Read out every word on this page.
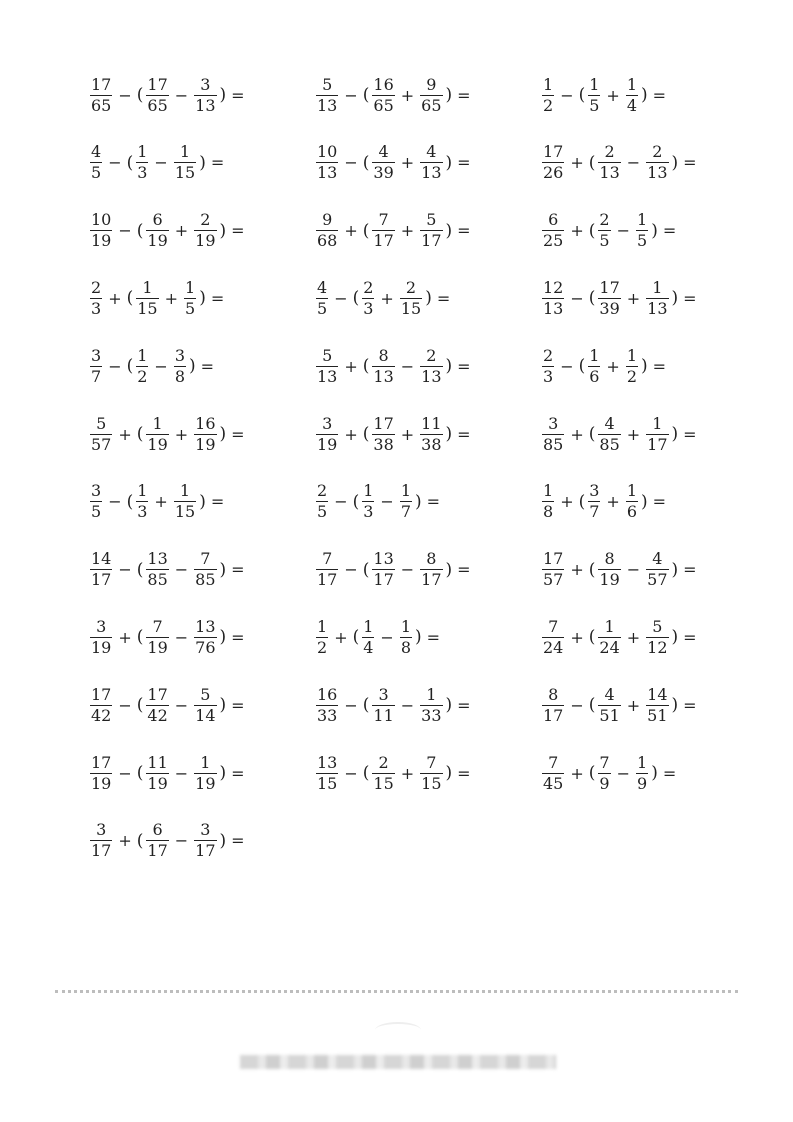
$\frac{17}{65}$ − ( $\frac{17}{65} - \frac{3}{13}$ ) =	$\frac{5}{13}$ − ( $\frac{16}{65} + \frac{9}{65}$ ) =	$\frac{1}{2}$ − ( $\frac{1}{5} + \frac{1}{4}$ ) =
$\frac{4}{5}$ − ( $\frac{1}{3} - \frac{1}{15}$ ) =	$\frac{10}{13}$ − ( $\frac{4}{39} + \frac{4}{13}$ ) =	$\frac{17}{26}$ + ( $\frac{2}{13} - \frac{2}{13}$ ) =
$\frac{10}{19}$ − ( $\frac{6}{19} + \frac{2}{19}$ ) =	$\frac{9}{68}$ + ( $\frac{7}{17} + \frac{5}{17}$ ) =	$\frac{6}{25}$ + ( $\frac{2}{5} - \frac{1}{5}$ ) =
$\frac{2}{3}$ + ( $\frac{1}{15} + \frac{1}{5}$ ) =	$\frac{4}{5}$ − ( $\frac{2}{3} + \frac{2}{15}$ ) =	$\frac{12}{13}$ − ( $\frac{17}{39} + \frac{1}{13}$ ) =
$\frac{3}{7}$ − ( $\frac{1}{2} - \frac{3}{8}$ ) =	$\frac{5}{13}$ + ( $\frac{8}{13} - \frac{2}{13}$ ) =	$\frac{2}{3}$ − ( $\frac{1}{6} + \frac{1}{2}$ ) =
$\frac{5}{57}$ + ( $\frac{1}{19} + \frac{16}{19}$ ) =	$\frac{3}{19}$ + ( $\frac{17}{38} + \frac{11}{38}$ ) =	$\frac{3}{85}$ + ( $\frac{4}{85} + \frac{1}{17}$ ) =
$\frac{3}{5}$ − ( $\frac{1}{3} + \frac{1}{15}$ ) =	$\frac{2}{5}$ − ( $\frac{1}{3} - \frac{1}{7}$ ) =	$\frac{1}{8}$ + ( $\frac{3}{7} + \frac{1}{6}$ ) =
$\frac{14}{17}$ − ( $\frac{13}{85} - \frac{7}{85}$ ) =	$\frac{7}{17}$ − ( $\frac{13}{17} - \frac{8}{17}$ ) =	$\frac{17}{57}$ + ( $\frac{8}{19} - \frac{4}{57}$ ) =
$\frac{3}{19}$ + ( $\frac{7}{19} - \frac{13}{76}$ ) =	$\frac{1}{2}$ + ( $\frac{1}{4} - \frac{1}{8}$ ) =	$\frac{7}{24}$ + ( $\frac{1}{24} + \frac{5}{12}$ ) =
$\frac{17}{42}$ − ( $\frac{17}{42} - \frac{5}{14}$ ) =	$\frac{16}{33}$ − ( $\frac{3}{11} - \frac{1}{33}$ ) =	$\frac{8}{17}$ − ( $\frac{4}{51} + \frac{14}{51}$ ) =
$\frac{17}{19}$ − ( $\frac{11}{19} - \frac{1}{19}$ ) =	$\frac{13}{15}$ − ( $\frac{2}{15} + \frac{7}{15}$ ) =	$\frac{7}{45}$ + ( $\frac{7}{9} - \frac{1}{9}$ ) =
$\frac{3}{17}$ + ( $\frac{6}{17} - \frac{3}{17}$ ) =
